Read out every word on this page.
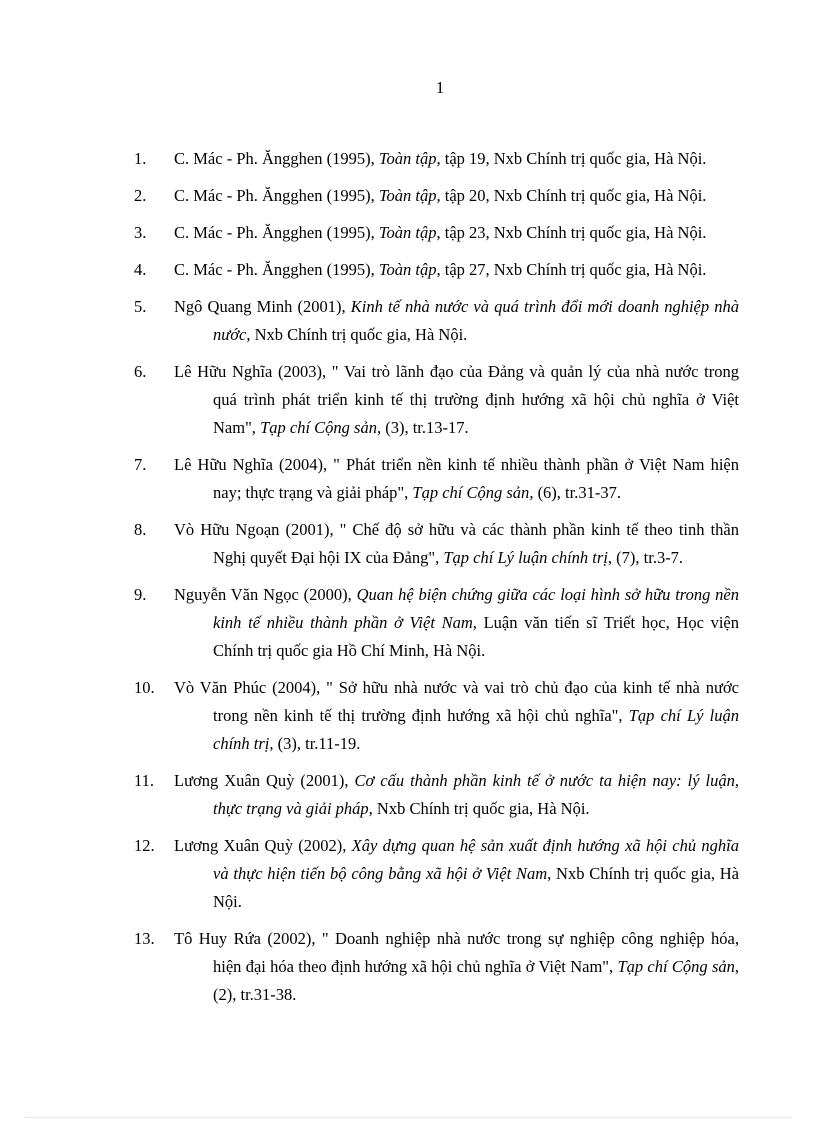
1
1.	C. Mác - Ph. Ăngghen (1995), Toàn tập, tập 19, Nxb Chính trị quốc gia, Hà Nội.
2.	C. Mác - Ph. Ăngghen (1995), Toàn tập, tập 20, Nxb Chính trị quốc gia, Hà Nội.
3.	C. Mác - Ph. Ăngghen (1995), Toàn tập, tập 23, Nxb Chính trị quốc gia, Hà Nội.
4.	C. Mác - Ph. Ăngghen (1995), Toàn tập, tập 27, Nxb Chính trị quốc gia, Hà Nội.
5.	Ngô Quang Minh (2001), Kinh tế nhà nước và quá trình đổi mới doanh nghiệp nhà nước, Nxb Chính trị quốc gia, Hà Nội.
6.	Lê Hữu Nghĩa (2003), " Vai trò lãnh đạo của Đảng và quản lý của nhà nước trong quá trình phát triển kinh tế thị trường định hướng xã hội chủ nghĩa ở Việt Nam", Tạp chí Cộng sản, (3), tr.13-17.
7.	Lê Hữu Nghĩa (2004), " Phát triển nền kinh tế nhiều thành phần ở Việt Nam hiện nay; thực trạng và giải pháp", Tạp chí Cộng sản, (6), tr.31-37.
8.	Vò Hữu Ngoạn (2001), " Chế độ sở hữu và các thành phần kinh tế theo tinh thần Nghị quyết Đại hội IX của Đảng", Tạp chí Lý luận chính trị, (7), tr.3-7.
9.	Nguyễn Văn Ngọc (2000), Quan hệ biện chứng giữa các loại hình sở hữu trong nền kinh tế nhiều thành phần ở Việt Nam, Luận văn tiến sĩ Triết học, Học viện Chính trị quốc gia Hồ Chí Minh, Hà Nội.
10.	Vò Văn Phúc (2004), " Sở hữu nhà nước và vai trò chủ đạo của kinh tế nhà nước trong nền kinh tế thị trường định hướng xã hội chủ nghĩa", Tạp chí Lý luận chính trị, (3), tr.11-19.
11.	Lương Xuân Quỳ (2001), Cơ cấu thành phần kinh tế ở nước ta hiện nay: lý luận, thực trạng và giải pháp, Nxb Chính trị quốc gia, Hà Nội.
12.	Lương Xuân Quỳ (2002), Xây dựng quan hệ sản xuất định hướng xã hội chủ nghĩa và thực hiện tiến bộ công bằng xã hội ở Việt Nam, Nxb Chính trị quốc gia, Hà Nội.
13.	Tô Huy Rứa (2002), " Doanh nghiệp nhà nước trong sự nghiệp công nghiệp hóa, hiện đại hóa theo định hướng xã hội chủ nghĩa ở Việt Nam", Tạp chí Cộng sản, (2), tr.31-38.
